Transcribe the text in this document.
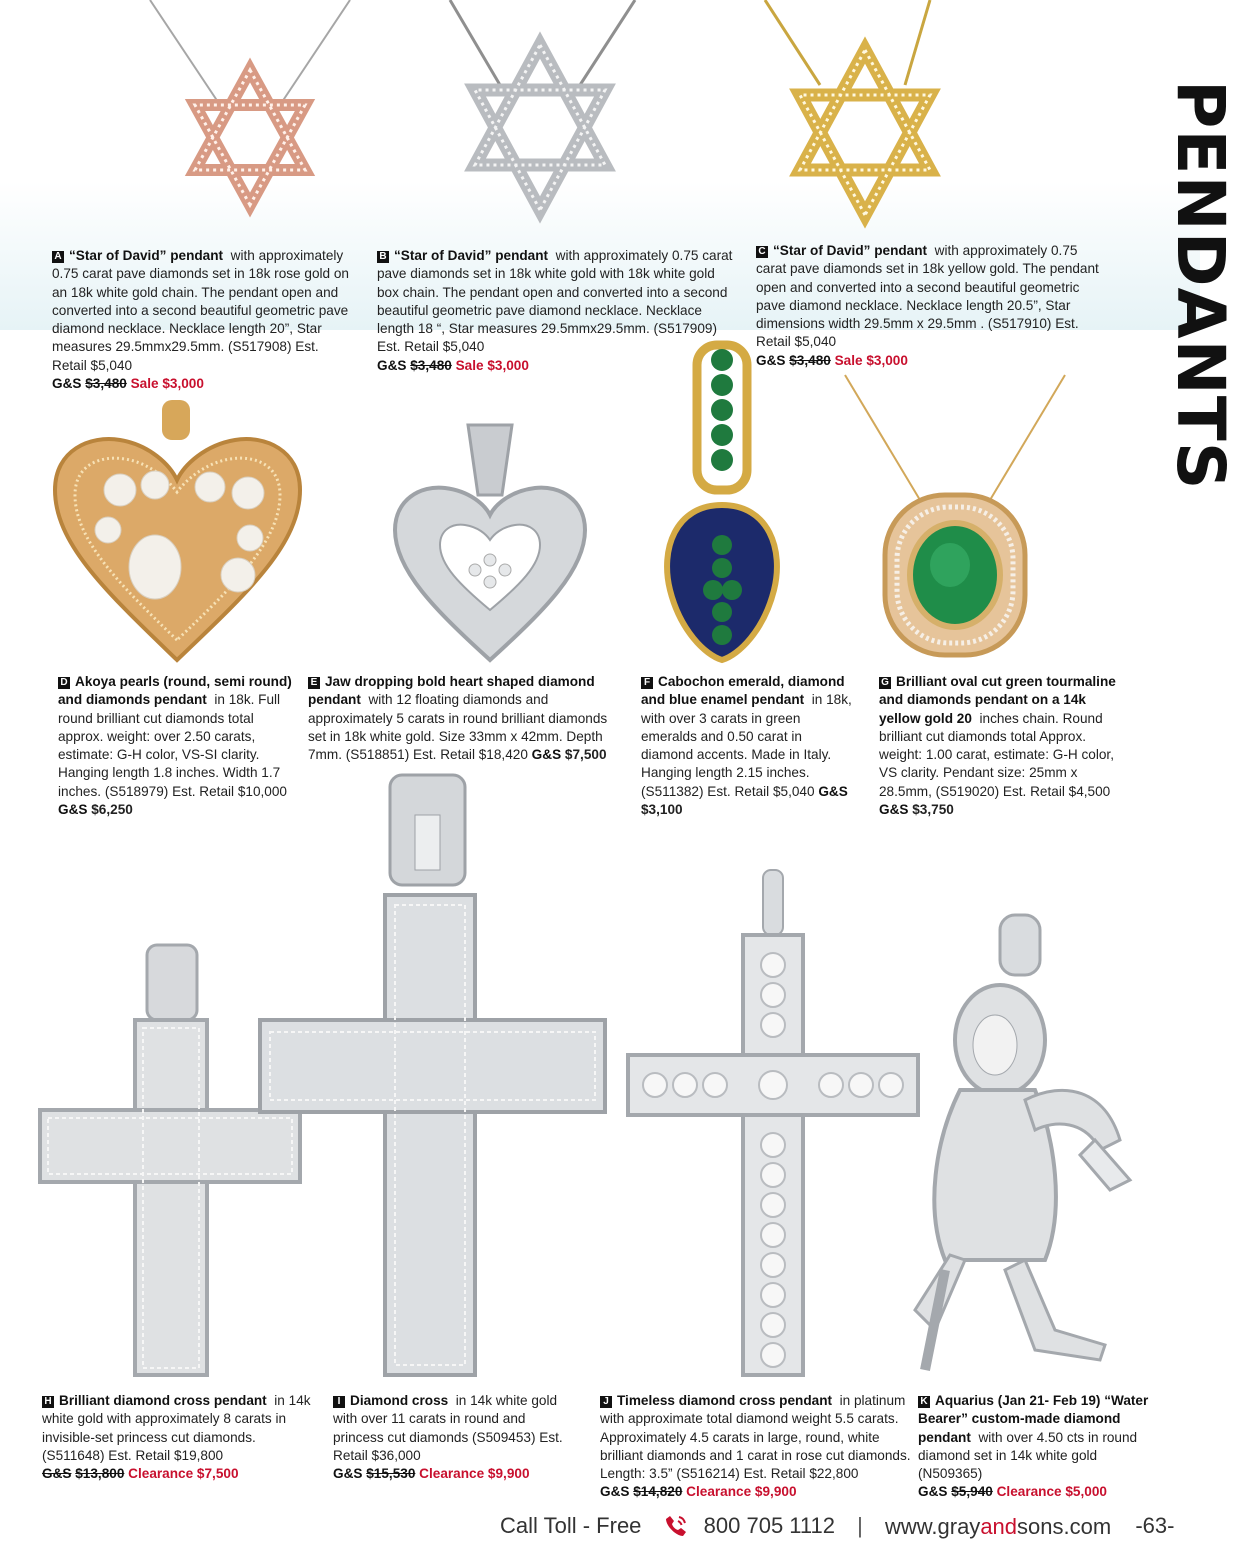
PENDANTS
A “Star of David” pendant with approximately 0.75 carat pave diamonds set in 18k rose gold on an 18k white gold chain. The pendant open and converted into a second beautiful geometric pave diamond necklace. Necklace length 20”, Star measures 29.5mmx29.5mm. (S517908) Est. Retail $5,040
G&S $3,480 Sale $3,000
B “Star of David” pendant with approximately 0.75 carat pave diamonds set in 18k white gold with 18k white gold box chain. The pendant open and converted into a second beautiful geometric pave diamond necklace. Necklace length 18 “, Star measures 29.5mmx29.5mm. (S517909) Est. Retail $5,040
G&S $3,480 Sale $3,000
C “Star of David” pendant with approximately 0.75 carat pave diamonds set in 18k yellow gold. The pendant open and converted into a second beautiful geometric pave diamond necklace. Necklace length 20.5”, Star dimensions width 29.5mm x 29.5mm . (S517910) Est. Retail $5,040
G&S $3,480 Sale $3,000
D Akoya pearls (round, semi round) and diamonds pendant in 18k. Full round brilliant cut diamonds total approx. weight: over 2.50 carats, estimate: G-H color, VS-SI clarity. Hanging length 1.8 inches. Width 1.7 inches. (S518979) Est. Retail $10,000 G&S $6,250
E Jaw dropping bold heart shaped diamond pendant with 12 floating diamonds and approximately 5 carats in round brilliant diamonds set in 18k white gold. Size 33mm x 42mm. Depth 7mm. (S518851) Est. Retail $18,420 G&S $7,500
F Cabochon emerald, diamond and blue enamel pendant in 18k, with over 3 carats in green emeralds and 0.50 carat in diamond accents. Made in Italy. Hanging length 2.15 inches. (S511382) Est. Retail $5,040 G&S $3,100
G Brilliant oval cut green tourmaline and diamonds pendant on a 14k yellow gold 20 inches chain. Round brilliant cut diamonds total Approx. weight: 1.00 carat, estimate: G-H color, VS clarity. Pendant size: 25mm x 28.5mm, (S519020) Est. Retail $4,500 G&S $3,750
H Brilliant diamond cross pendant in 14k white gold with approximately 8 carats in invisible-set princess cut diamonds. (S511648) Est. Retail $19,800
G&S $13,800 Clearance $7,500
I Diamond cross in 14k white gold with over 11 carats in round and princess cut diamonds (S509453) Est. Retail $36,000
G&S $15,530 Clearance $9,900
J Timeless diamond cross pendant in platinum with approximate total diamond weight 5.5 carats. Approximately 4.5 carats in large, round, white brilliant diamonds and 1 carat in rose cut diamonds. Length: 3.5” (S516214) Est. Retail $22,800
G&S $14,820 Clearance $9,900
K Aquarius (Jan 21- Feb 19) “Water Bearer” custom-made diamond pendant with over 4.50 cts in round diamond set in 14k white gold (N509365)
G&S $5,940 Clearance $5,000
Call Toll - Free	800 705 1112 | www.grayandsons.com -63-
